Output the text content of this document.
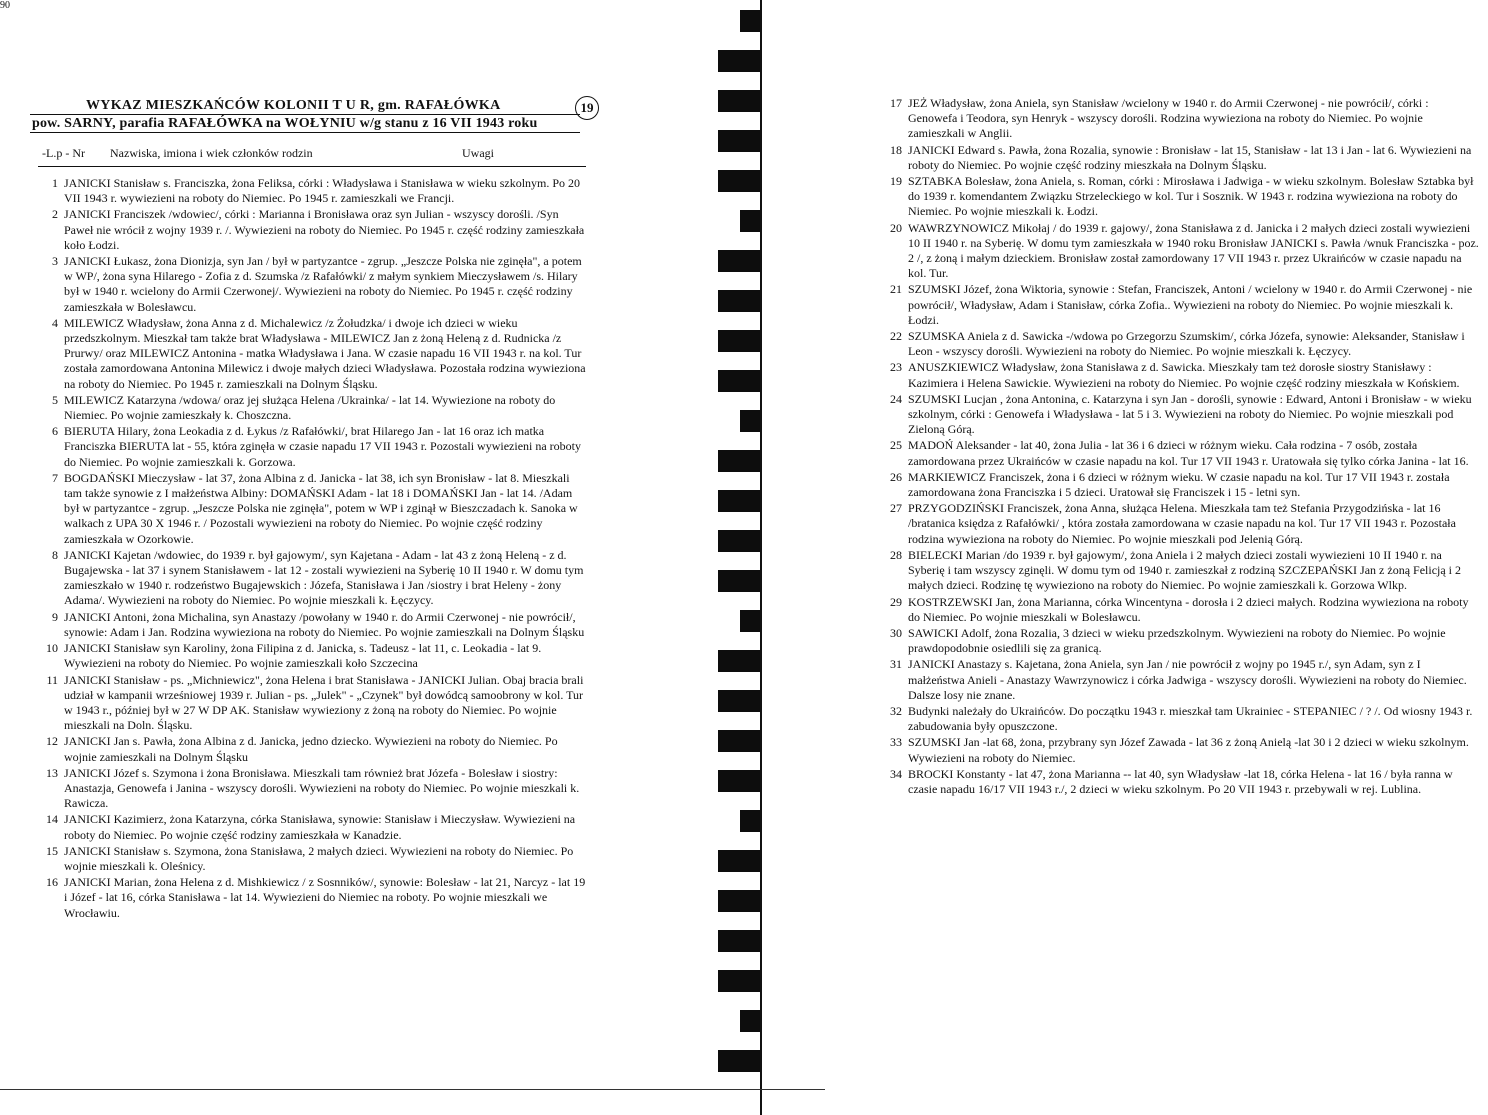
90
WYKAZ MIESZKAŃCÓW KOLONII T U R, gm. RAFAŁÓWKA
pow. SARNY, parafia RAFAŁÓWKA na WOŁYNIU w/g stanu z 16 VII 1943 roku
19
-L.p - Nr Nazwiska, imiona i wiek członków rodzin	Uwagi
1 JANICKI Stanisław s. Franciszka, żona Feliksa, córki : Władysława i Stanisława w wieku szkolnym. Po 20 VII 1943 r. wywiezieni na roboty do Niemiec. Po 1945 r. zamieszkali we Francji.
2 JANICKI Franciszek /wdowiec/, córki : Marianna i Bronisława oraz syn Julian - wszyscy dorośli. /Syn Paweł nie wrócił z wojny 1939 r. /. Wywiezieni na roboty do Niemiec. Po 1945 r. część rodziny zamieszkała koło Łodzi.
3 JANICKI Łukasz, żona Dionizja, syn Jan / był w partyzantce - zgrup. „Jeszcze Polska nie zginęła", a potem w WP/, żona syna Hilarego - Zofia z d. Szumska /z Rafałówki/ z małym synkiem Mieczysławem /s. Hilary był w 1940 r. wcielony do Armii Czerwonej/. Wywiezieni na roboty do Niemiec. Po 1945 r. część rodziny zamieszkała w Bolesławcu.
4 MILEWICZ Władysław, żona Anna z d. Michalewicz /z Żołudzka/ i dwoje ich dzieci w wieku przedszkolnym. Mieszkał tam także brat Władysława - MILEWICZ Jan z żoną Heleną z d. Rudnicka /z Prurwy/ oraz MILEWICZ Antonina - matka Władysława i Jana. W czasie napadu 16 VII 1943 r. na kol. Tur została zamordowana Antonina Milewicz i dwoje małych dzieci Władysława. Pozostała rodzina wywieziona na roboty do Niemiec. Po 1945 r. zamieszkali na Dolnym Śląsku.
5 MILEWICZ Katarzyna /wdowa/ oraz jej służąca Helena /Ukrainka/ - lat 14. Wywiezione na roboty do Niemiec. Po wojnie zamieszkały k. Choszczna.
6 BIERUTA Hilary, żona Leokadia z d. Łykus /z Rafałówki/, brat Hilarego Jan - lat 16 oraz ich matka Franciszka BIERUTA lat - 55, która zginęła w czasie napadu 17 VII 1943 r. Pozostali wywiezieni na roboty do Niemiec. Po wojnie zamieszkali k. Gorzowa.
7 BOGDAŃSKI Mieczysław - lat 37, żona Albina z d. Janicka - lat 38, ich syn Bronisław - lat 8. Mieszkali tam także synowie z I małżeństwa Albiny: DOMAŃSKI Adam - lat 18 i DOMAŃSKI Jan - lat 14. /Adam był w partyzantce - zgrup. „Jeszcze Polska nie zginęła", potem w WP i zginął w Bieszczadach k. Sanoka w walkach z UPA 30 X 1946 r. / Pozostali wywiezieni na roboty do Niemiec. Po wojnie część rodziny zamieszkała w Ozorkowie.
8 JANICKI Kajetan /wdowiec, do 1939 r. był gajowym/, syn Kajetana - Adam - lat 43 z żoną Heleną - z d. Bugajewska - lat 37 i synem Stanisławem - lat 12 - zostali wywiezieni na Syberię 10 II 1940 r. W domu tym zamieszkało w 1940 r. rodzeństwo Bugajewskich : Józefa, Stanisława i Jan /siostry i brat Heleny - żony Adama/. Wywiezieni na roboty do Niemiec. Po wojnie mieszkali k. Łęczycy.
9 JANICKI Antoni, żona Michalina, syn Anastazy /powołany w 1940 r. do Armii Czerwonej - nie powrócił/, synowie: Adam i Jan. Rodzina wywieziona na roboty do Niemiec. Po wojnie zamieszkali na Dolnym Śląsku
10 JANICKI Stanisław syn Karoliny, żona Filipina z d. Janicka, s. Tadeusz - lat 11, c. Leokadia - lat 9. Wywiezieni na roboty do Niemiec. Po wojnie zamieszkali koło Szczecina
11 JANICKI Stanisław - ps. „Michniewicz", żona Helena i brat Stanisława - JANICKI Julian. Obaj bracia brali udział w kampanii wrześniowej 1939 r. Julian - ps. „Julek" - „Czynek" był dowódcą samoobrony w kol. Tur w 1943 r., później był w 27 W DP AK. Stanisław wywieziony z żoną na roboty do Niemiec. Po wojnie mieszkali na Doln. Śląsku.
12 JANICKI Jan s. Pawła, żona Albina z d. Janicka, jedno dziecko. Wywiezieni na roboty do Niemiec. Po wojnie zamieszkali na Dolnym Śląsku
13 JANICKI Józef s. Szymona i żona Bronisława. Mieszkali tam również brat Józefa - Bolesław i siostry: Anastazja, Genowefa i Janina - wszyscy dorośli. Wywiezieni na roboty do Niemiec. Po wojnie mieszkali k. Rawicza.
14 JANICKI Kazimierz, żona Katarzyna, córka Stanisława, synowie: Stanisław i Mieczysław. Wywiezieni na roboty do Niemiec. Po wojnie część rodziny zamieszkała w Kanadzie.
15 JANICKI Stanisław s. Szymona, żona Stanisława, 2 małych dzieci. Wywiezieni na roboty do Niemiec. Po wojnie mieszkali k. Oleśnicy.
16 JANICKI Marian, żona Helena z d. Mishkiewicz / z Sosnników/, synowie: Bolesław - lat 21, Narcyz - lat 19 i Józef - lat 16, córka Stanisława - lat 14. Wywiezieni do Niemiec na roboty. Po wojnie mieszkali we Wrocławiu.
17 JEŻ Władysław, żona Aniela, syn Stanisław /wcielony w 1940 r. do Armii Czerwonej - nie powrócił/, córki : Genowefa i Teodora, syn Henryk - wszyscy dorośli. Rodzina wywieziona na roboty do Niemiec. Po wojnie zamieszkali w Anglii.
18 JANICKI Edward s. Pawła, żona Rozalia, synowie : Bronisław - lat 15, Stanisław - lat 13 i Jan - lat 6. Wywiezieni na roboty do Niemiec. Po wojnie część rodziny mieszkała na Dolnym Śląsku.
19 SZTABKA Bolesław, żona Aniela, s. Roman, córki : Mirosława i Jadwiga - w wieku szkolnym. Bolesław Sztabka był do 1939 r. komendantem Związku Strzeleckiego w kol. Tur i Sosznik. W 1943 r. rodzina wywieziona na roboty do Niemiec. Po wojnie mieszkali k. Łodzi.
20 WAWRZYNOWICZ Mikołaj / do 1939 r. gajowy/, żona Stanisława z d. Janicka i 2 małych dzieci zostali wywiezieni 10 II 1940 r. na Syberię. W domu tym zamieszkała w 1940 roku Bronisław JANICKI s. Pawła /wnuk Franciszka - poz. 2 /, z żoną i małym dzieckiem. Bronisław został zamordowany 17 VII 1943 r. przez Ukraińców w czasie napadu na kol. Tur.
21 SZUMSKI Józef, żona Wiktoria, synowie : Stefan, Franciszek, Antoni / wcielony w 1940 r. do Armii Czerwonej - nie powrócił/, Władysław, Adam i Stanisław, córka Zofia.. Wywiezieni na roboty do Niemiec. Po wojnie mieszkali k. Łodzi.
22 SZUMSKA Aniela z d. Sawicka -/wdowa po Grzegorzu Szumskim/, córka Józefa, synowie: Aleksander, Stanisław i Leon - wszyscy dorośli. Wywiezieni na roboty do Niemiec. Po wojnie mieszkali k. Łęczycy.
23 ANUSZKIEWICZ Władysław, żona Stanisława z d. Sawicka. Mieszkały tam też dorosłe siostry Stanisławy : Kazimiera i Helena Sawickie. Wywiezieni na roboty do Niemiec. Po wojnie część rodziny mieszkała w Końskiem.
24 SZUMSKI Lucjan , żona Antonina, c. Katarzyna i syn Jan - dorośli, synowie : Edward, Antoni i Bronisław - w wieku szkolnym, córki : Genowefa i Władysława - lat 5 i 3. Wywiezieni na roboty do Niemiec. Po wojnie mieszkali pod Zieloną Górą.
25 MADOŃ Aleksander - lat 40, żona Julia - lat 36 i 6 dzieci w różnym wieku. Cała rodzina - 7 osób, została zamordowana przez Ukraińców w czasie napadu na kol. Tur 17 VII 1943 r. Uratowała się tylko córka Janina - lat 16.
26 MARKIEWICZ Franciszek, żona i 6 dzieci w różnym wieku. W czasie napadu na kol. Tur 17 VII 1943 r. została zamordowana żona Franciszka i 5 dzieci. Uratował się Franciszek i 15 - letni syn.
27 PRZYGODZIŃSKI Franciszek, żona Anna, służąca Helena. Mieszkała tam też Stefania Przygodzińska - lat 16 /bratanica księdza z Rafałówki/ , która została zamordowana w czasie napadu na kol. Tur 17 VII 1943 r. Pozostała rodzina wywieziona na roboty do Niemiec. Po wojnie mieszkali pod Jelenią Górą.
28 BIELECKI Marian /do 1939 r. był gajowym/, żona Aniela i 2 małych dzieci zostali wywiezieni 10 II 1940 r. na Syberię i tam wszyscy zginęli. W domu tym od 1940 r. zamieszkał z rodziną SZCZEPAŃSKI Jan z żoną Felicją i 2 małych dzieci. Rodzinę tę wywieziono na roboty do Niemiec. Po wojnie zamieszkali k. Gorzowa Wlkp.
29 KOSTRZEWSKI Jan, żona Marianna, córka Wincentyna - dorosła i 2 dzieci małych. Rodzina wywieziona na roboty do Niemiec. Po wojnie mieszkali w Bolesławcu.
30 SAWICKI Adolf, żona Rozalia, 3 dzieci w wieku przedszkolnym. Wywiezieni na roboty do Niemiec. Po wojnie prawdopodobnie osiedlili się za granicą.
31 JANICKI Anastazy s. Kajetana, żona Aniela, syn Jan / nie powrócił z wojny po 1945 r./, syn Adam, syn z I małżeństwa Anieli - Anastazy Wawrzynowicz i córka Jadwiga - wszyscy dorośli. Wywiezieni na roboty do Niemiec. Dalsze losy nie znane.
32 Budynki należały do Ukraińców. Do początku 1943 r. mieszkał tam Ukrainiec - STEPANIEC / ? /. Od wiosny 1943 r. zabudowania były opuszczone.
33 SZUMSKI Jan -lat 68, żona, przybrany syn Józef Zawada - lat 36 z żoną Anielą -lat 30 i 2 dzieci w wieku szkolnym. Wywiezieni na roboty do Niemiec.
34 BROCKI Konstanty - lat 47, żona Marianna -- lat 40, syn Władysław -lat 18, córka Helena - lat 16 / była ranna w czasie napadu 16/17 VII 1943 r./, 2 dzieci w wieku szkolnym. Po 20 VII 1943 r. przebywali w rej. Lublina.
